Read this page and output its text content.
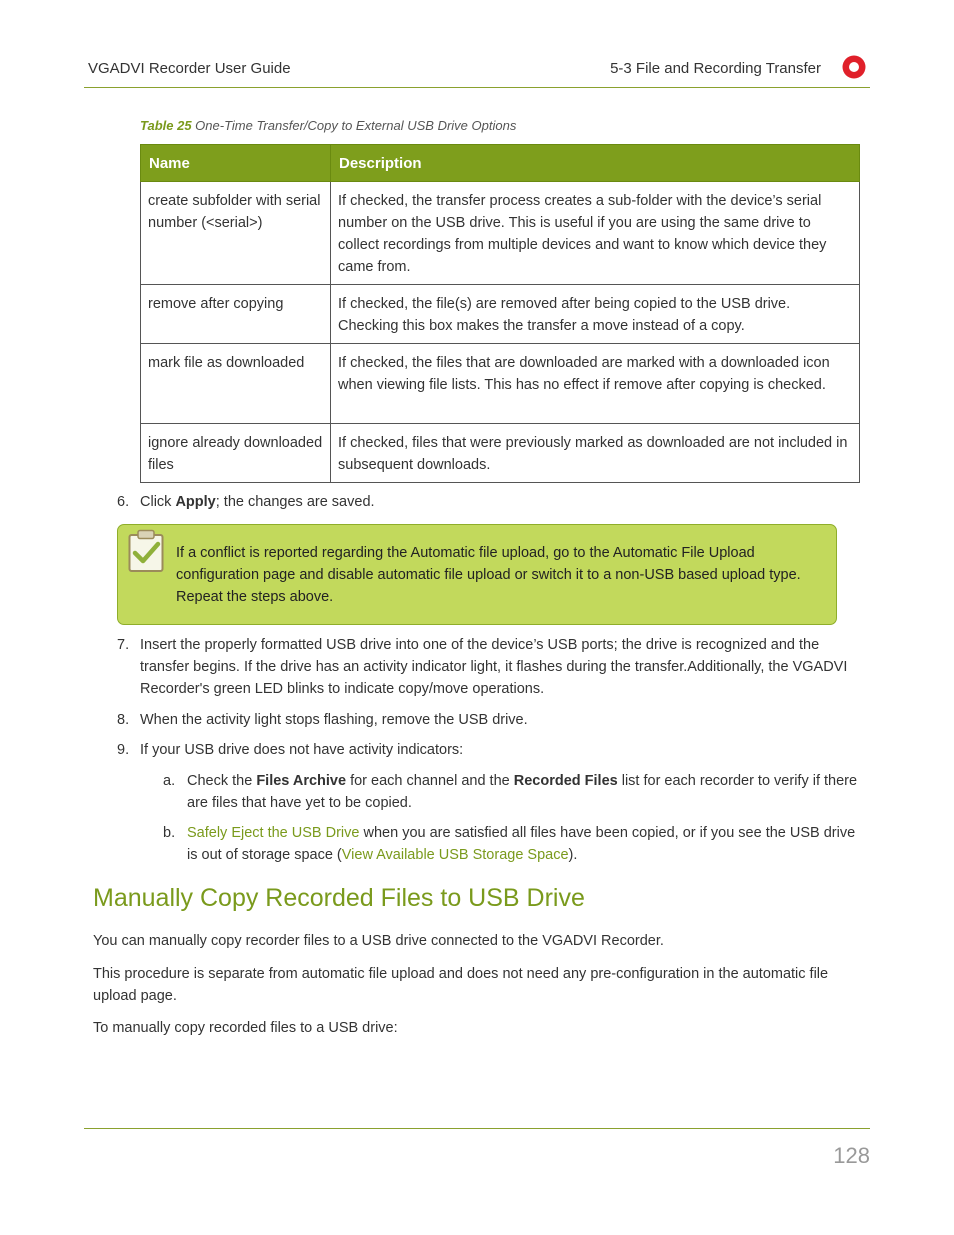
VGADVI Recorder User Guide	5-3 File and Recording Transfer
Table 25 One-Time Transfer/Copy to External USB Drive Options
Name	Description
create subfolder with serial number (<serial>)	If checked, the transfer process creates a sub-folder with the device’s serial number on the USB drive. This is useful if you are using the same drive to collect recordings from multiple devices and want to know which device they came from.
remove after copying	If checked, the file(s) are removed after being copied to the USB drive. Checking this box makes the transfer a move instead of a copy.
mark file as downloaded	If checked, the files that are downloaded are marked with a downloaded icon when viewing file lists. This has no effect if remove after copying is checked.
ignore already downloaded files	If checked, files that were previously marked as downloaded are not included in subsequent downloads.
6. Click Apply; the changes are saved.
If a conflict is reported regarding the Automatic file upload, go to the Automatic File Upload configuration page and disable automatic file upload or switch it to a non-USB based upload type. Repeat the steps above.
7. Insert the properly formatted USB drive into one of the device’s USB ports; the drive is recognized and the transfer begins. If the drive has an activity indicator light, it flashes during the transfer.Additionally, the VGADVI Recorder's green LED blinks to indicate copy/move operations.
8. When the activity light stops flashing, remove the USB drive.
9. If your USB drive does not have activity indicators:
a. Check the Files Archive for each channel and the Recorded Files list for each recorder to verify if there are files that have yet to be copied.
b. Safely Eject the USB Drive when you are satisfied all files have been copied, or if you see the USB drive is out of storage space (View Available USB Storage Space).
Manually Copy Recorded Files to USB Drive
You can manually copy recorder files to a USB drive connected to the VGADVI Recorder.
This procedure is separate from automatic file upload and does not need any pre-configuration in the automatic file upload page.
To manually copy recorded files to a USB drive:
128
